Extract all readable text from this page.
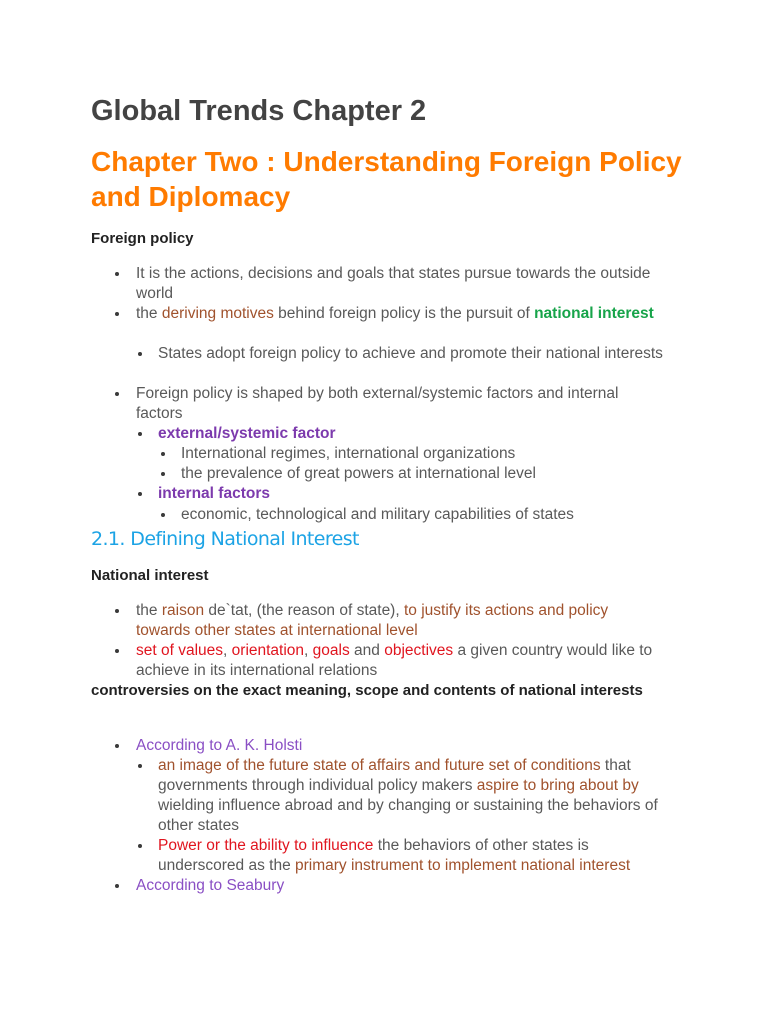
Global Trends Chapter 2
Chapter Two : Understanding Foreign Policy and Diplomacy
Foreign policy
It is the actions, decisions and goals that states pursue towards the outside world
the deriving motives behind foreign policy is the pursuit of national interest
States adopt foreign policy to achieve and promote their national interests
Foreign policy is shaped by both external/systemic factors and internal factors
external/systemic factor
International regimes, international organizations
the prevalence of great powers at international level
internal factors
economic, technological and military capabilities of states
2.1. Defining National Interest
National interest
the raison de`tat, (the reason of state), to justify its actions and policy towards other states at international level
set of values, orientation, goals and objectives a given country would like to achieve in its international relations
controversies on the exact meaning, scope and contents of national interests
According to A. K. Holsti
an image of the future state of affairs and future set of conditions that governments through individual policy makers aspire to bring about by wielding influence abroad and by changing or sustaining the behaviors of other states
Power or the ability to influence the behaviors of other states is underscored as the primary instrument to implement national interest
According to Seabury
